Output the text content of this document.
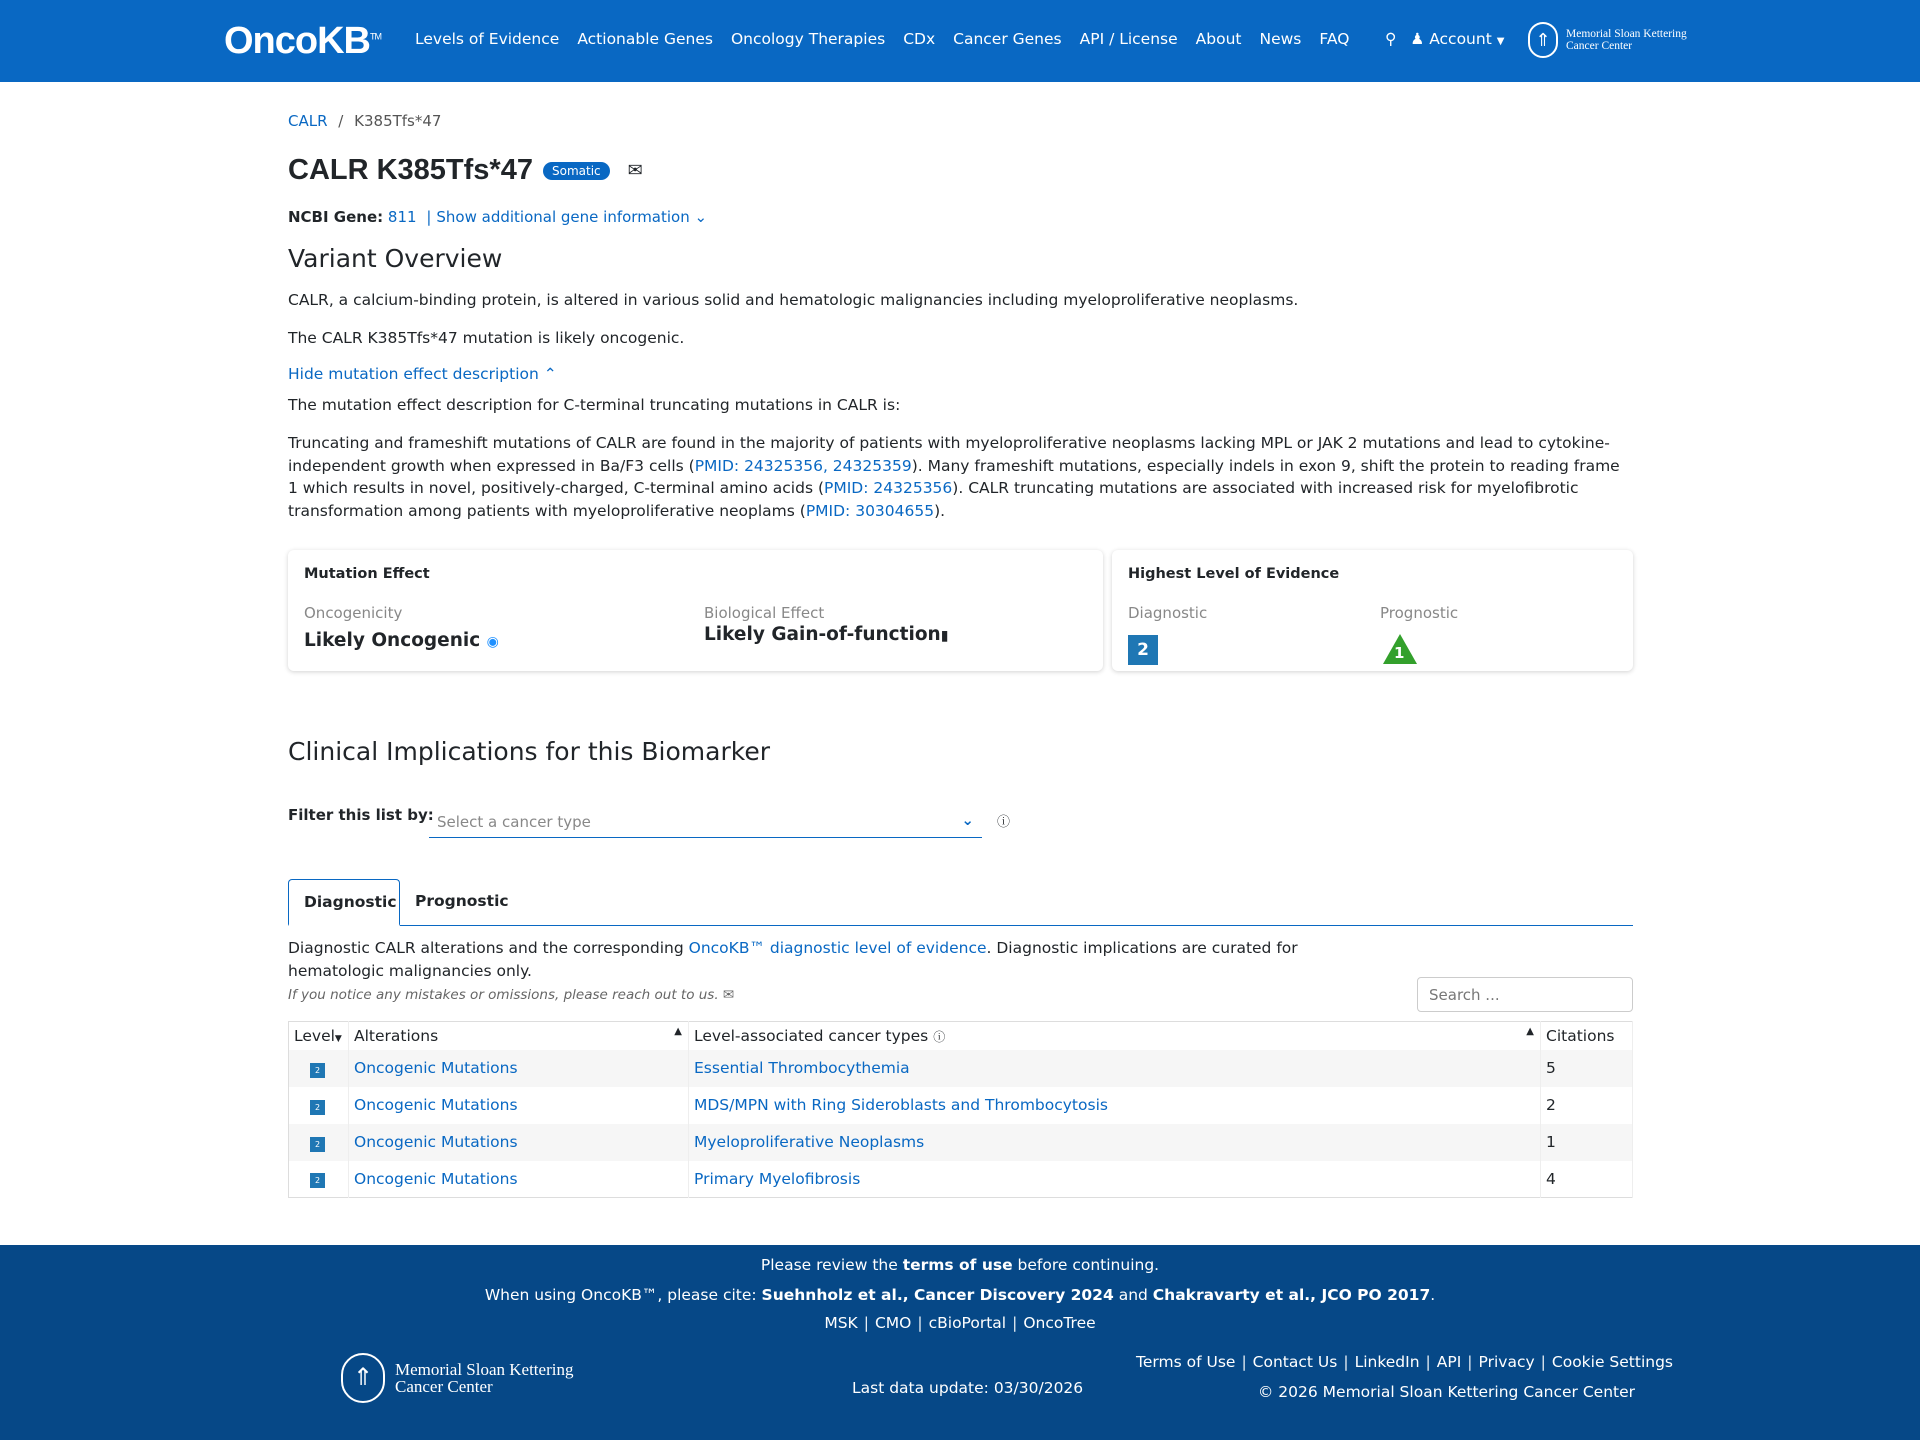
OncoKB™ Levels of Evidence Actionable Genes Oncology Therapies CDx Cancer Genes API / License About News FAQ ⚲ ♟ Account ▼	⇑	Memorial Sloan Kettering
Cancer Center
CALR / K385Tfs*47
CALR K385Tfs*47	Somatic	✉
NCBI Gene: 811 | Show additional gene information ⌄
Variant Overview

CALR, a calcium-binding protein, is altered in various solid and hematologic malignancies including myeloproliferative neoplasms.

The CALR K385Tfs*47 mutation is likely oncogenic.

Hide mutation effect description ⌃

The mutation effect description for C-terminal truncating mutations in CALR is:

Truncating and frameshift mutations of CALR are found in the majority of patients with myeloproliferative neoplasms lacking MPL or JAK 2 mutations and lead to cytokine-independent growth when expressed in Ba/F3 cells (PMID: 24325356, 24325359). Many frameshift mutations, especially indels in exon 9, shift the protein to reading frame 1 which results in novel, positively-charged, C-terminal amino acids (PMID: 24325356). CALR truncating mutations are associated with increased risk for myelofibrotic transformation among patients with myeloproliferative neoplams (PMID: 30304655).

Mutation Effect
Oncogenicity
Likely Oncogenic ◉
Biological Effect
Likely Gain-of-function▮
Highest Level of Evidence
Diagnostic
2
Prognostic
1
Clinical Implications for this Biomarker
Filter this list by: Select a cancer type	⌄ ⓘ
Diagnostic	Prognostic

Diagnostic CALR alterations and the corresponding OncoKB™ diagnostic level of evidence. Diagnostic implications are curated for hematologic malignancies only.

If you notice any mistakes or omissions, please reach out to us. ✉	Search ...
Level▼	Alterations ▲	Level-associated cancer types ⓘ ▲	Citations
2	Oncogenic Mutations	Essential Thrombocythemia	5
2	Oncogenic Mutations	MDS/MPN with Ring Sideroblasts and Thrombocytosis	2
2	Oncogenic Mutations	Myeloproliferative Neoplasms	1
2	Oncogenic Mutations	Primary Myelofibrosis	4
Please review the terms of use before continuing.
When using OncoKB™, please cite: Suehnholz et al., Cancer Discovery 2024 and Chakravarty et al., JCO PO 2017.
MSK | CMO | cBioPortal | OncoTree
⇑	Memorial Sloan Kettering
Cancer Center	Last data update: 03/30/2026
Terms of Use | Contact Us | LinkedIn | API | Privacy | Cookie Settings
© 2026 Memorial Sloan Kettering Cancer Center
